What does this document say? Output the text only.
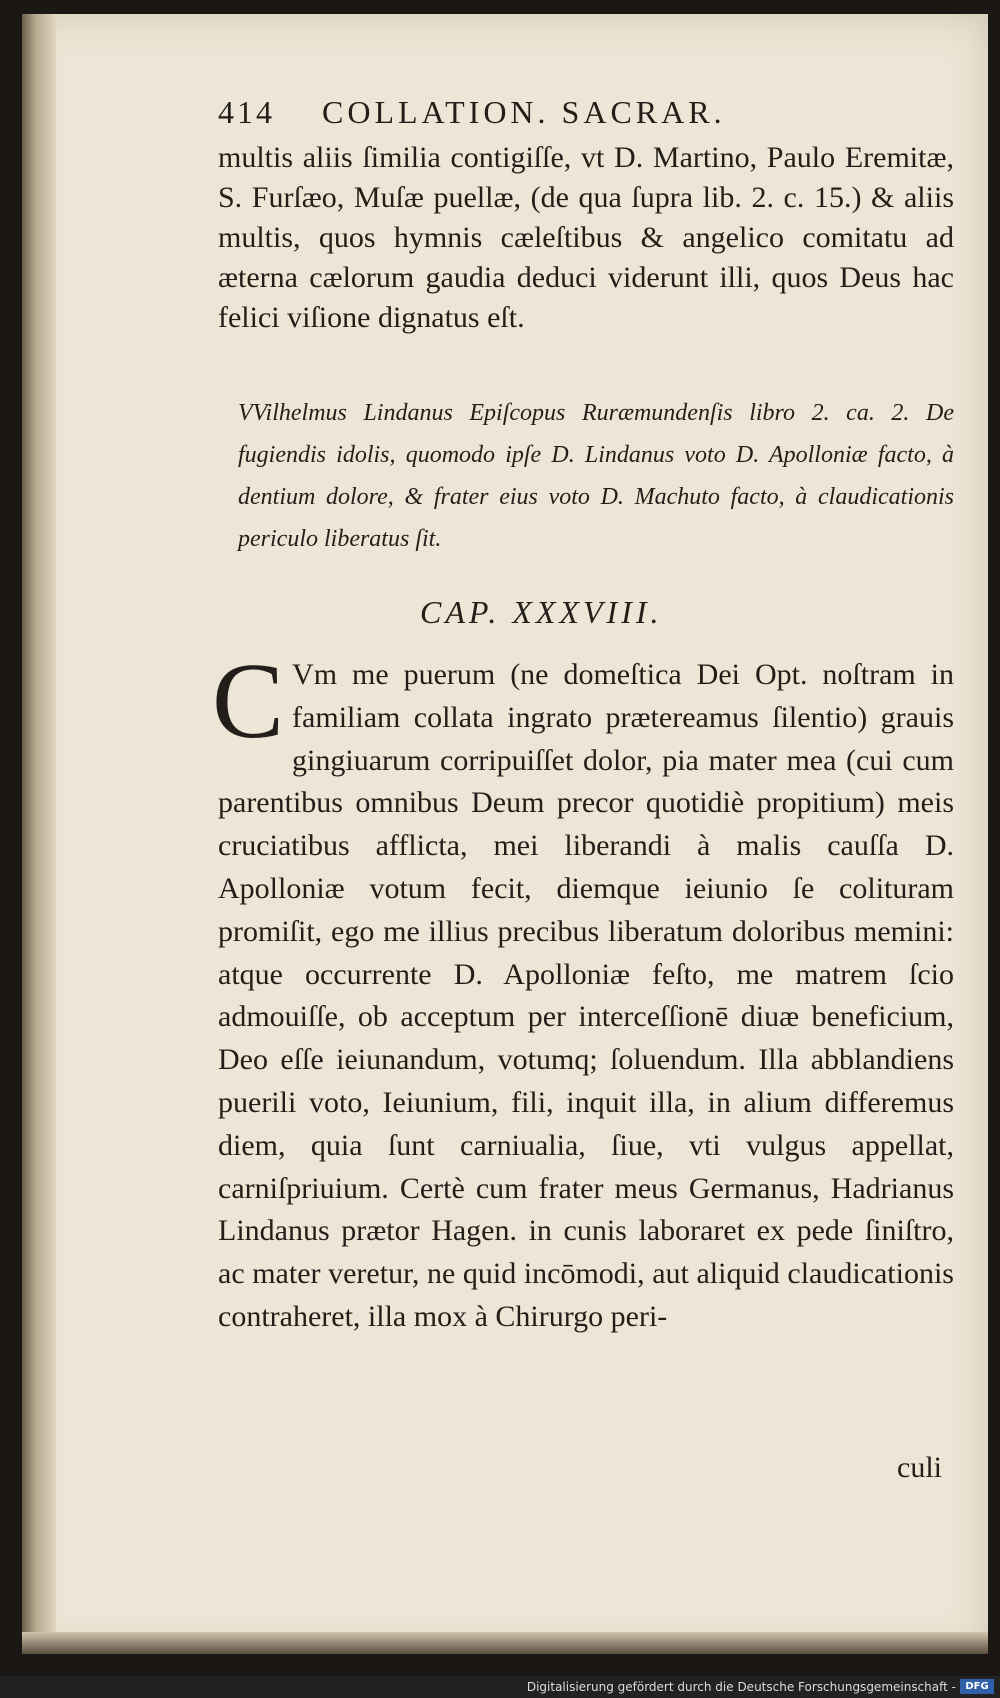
414 COLLATION. SACRAR.
multis aliis ſimilia contigiſſe, vt D. Martino, Paulo Eremitæ, S. Furſæo, Muſæ puellæ, (de qua ſupra lib. 2. c. 15.) & aliis multis, quos hymnis cæleſtibus & angelico comitatu ad æterna cælorum gaudia deduci viderunt illi, quos Deus hac felici viſione dignatus eſt.
VVilhelmus Lindanus Epiſcopus Ruræmundenſis libro 2. ca. 2. De fugiendis idolis, quomodo ipſe D. Lindanus voto D. Apolloniæ facto, à dentium dolore, & frater eius voto D. Machuto facto, à claudicationis periculo liberatus ſit.
CAP. XXXVIII.
C Vm me puerum (ne domeſtica Dei Opt. noſtram in familiam collata ingrato prætereamus ſilentio) grauis gingiuarum corripuiſſet dolor, pia mater mea (cui cum parentibus omnibus Deum precor quotidiè propitium) meis cruciatibus afflicta, mei liberandi à malis cauſſa D. Apolloniæ votum fecit, diemque ieiunio ſe colituram promiſit, ego me illius precibus liberatum doloribus memini: atque occurrente D. Apolloniæ feſto, me matrem ſcio admouiſſe, ob acceptum per interceſſionē diuæ beneficium, Deo eſſe ieiunandum, votumq; ſoluendum. Illa abblandiens puerili voto, Ieiunium, fili, inquit illa, in alium differemus diem, quia ſunt carniualia, ſiue, vti vulgus appellat, carniſpriuium. Certè cum frater meus Germanus, Hadrianus Lindanus prætor Hagen. in cunis laboraret ex pede ſiniſtro, ac mater veretur, ne quid incōmodi, aut aliquid claudicationis contraheret, illa mox à Chirurgo peri-
culi
Digitalisierung gefördert durch die Deutsche Forschungsgemeinschaft - DFG
